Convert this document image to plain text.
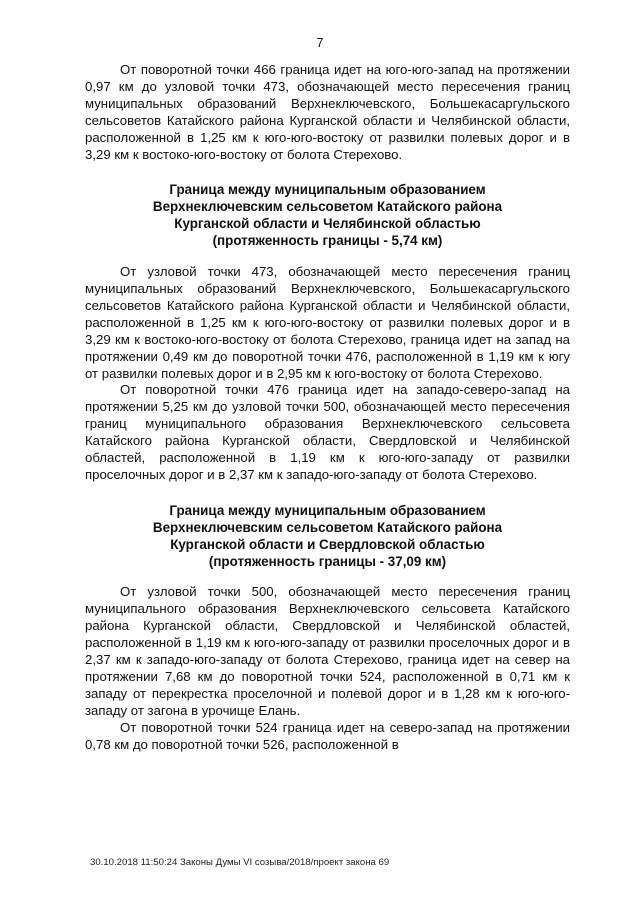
7

От поворотной точки 466 граница идет на юго-юго-запад на протяжении 0,97 км до узловой точки 473, обозначающей место пересечения границ муниципальных образований Верхнеключевского, Большекасаргульского сельсоветов Катайского района Курганской области и Челябинской области, расположенной в 1,25 км к юго-юго-востоку от развилки полевых дорог и в 3,29 км к востоко-юго-востоку от болота Стерехово.

Граница между муниципальным образованием
Верхнеключевским сельсоветом Катайского района
Курганской области и Челябинской областью
(протяженность границы - 5,74 км)

От узловой точки 473, обозначающей место пересечения границ муниципальных образований Верхнеключевского, Большекасаргульского сельсоветов Катайского района Курганской области и Челябинской области, расположенной в 1,25 км к юго-юго-востоку от развилки полевых дорог и в 3,29 км к востоко-юго-востоку от болота Стерехово, граница идет на запад на протяжении 0,49 км до поворотной точки 476, расположенной в 1,19 км к югу от развилки полевых дорог и в 2,95 км к юго-востоку от болота Стерехово.

От поворотной точки 476 граница идет на западо-северо-запад на протяжении 5,25 км до узловой точки 500, обозначающей место пересечения границ муниципального образования Верхнеключевского сельсовета Катайского района Курганской области, Свердловской и Челябинской областей, расположенной в 1,19 км к юго-юго-западу от развилки проселочных дорог и в 2,37 км к западо-юго-западу от болота Стерехово.

Граница между муниципальным образованием
Верхнеключевским сельсоветом Катайского района
Курганской области и Свердловской областью
(протяженность границы - 37,09 км)

От узловой точки 500, обозначающей место пересечения границ муниципального образования Верхнеключевского сельсовета Катайского района Курганской области, Свердловской и Челябинской областей, расположенной в 1,19 км к юго-юго-западу от развилки проселочных дорог и в 2,37 км к западо-юго-западу от болота Стерехово, граница идет на север на протяжении 7,68 км до поворотной точки 524, расположенной в 0,71 км к западу от перекрестка проселочной и полевой дорог и в 1,28 км к юго-юго-западу от загона в урочище Елань.

От поворотной точки 524 граница идет на северо-запад на протяжении 0,78 км до поворотной точки 526, расположенной в

30.10.2018 11:50:24 Законы Думы VI созыва/2018/проект закона 69
